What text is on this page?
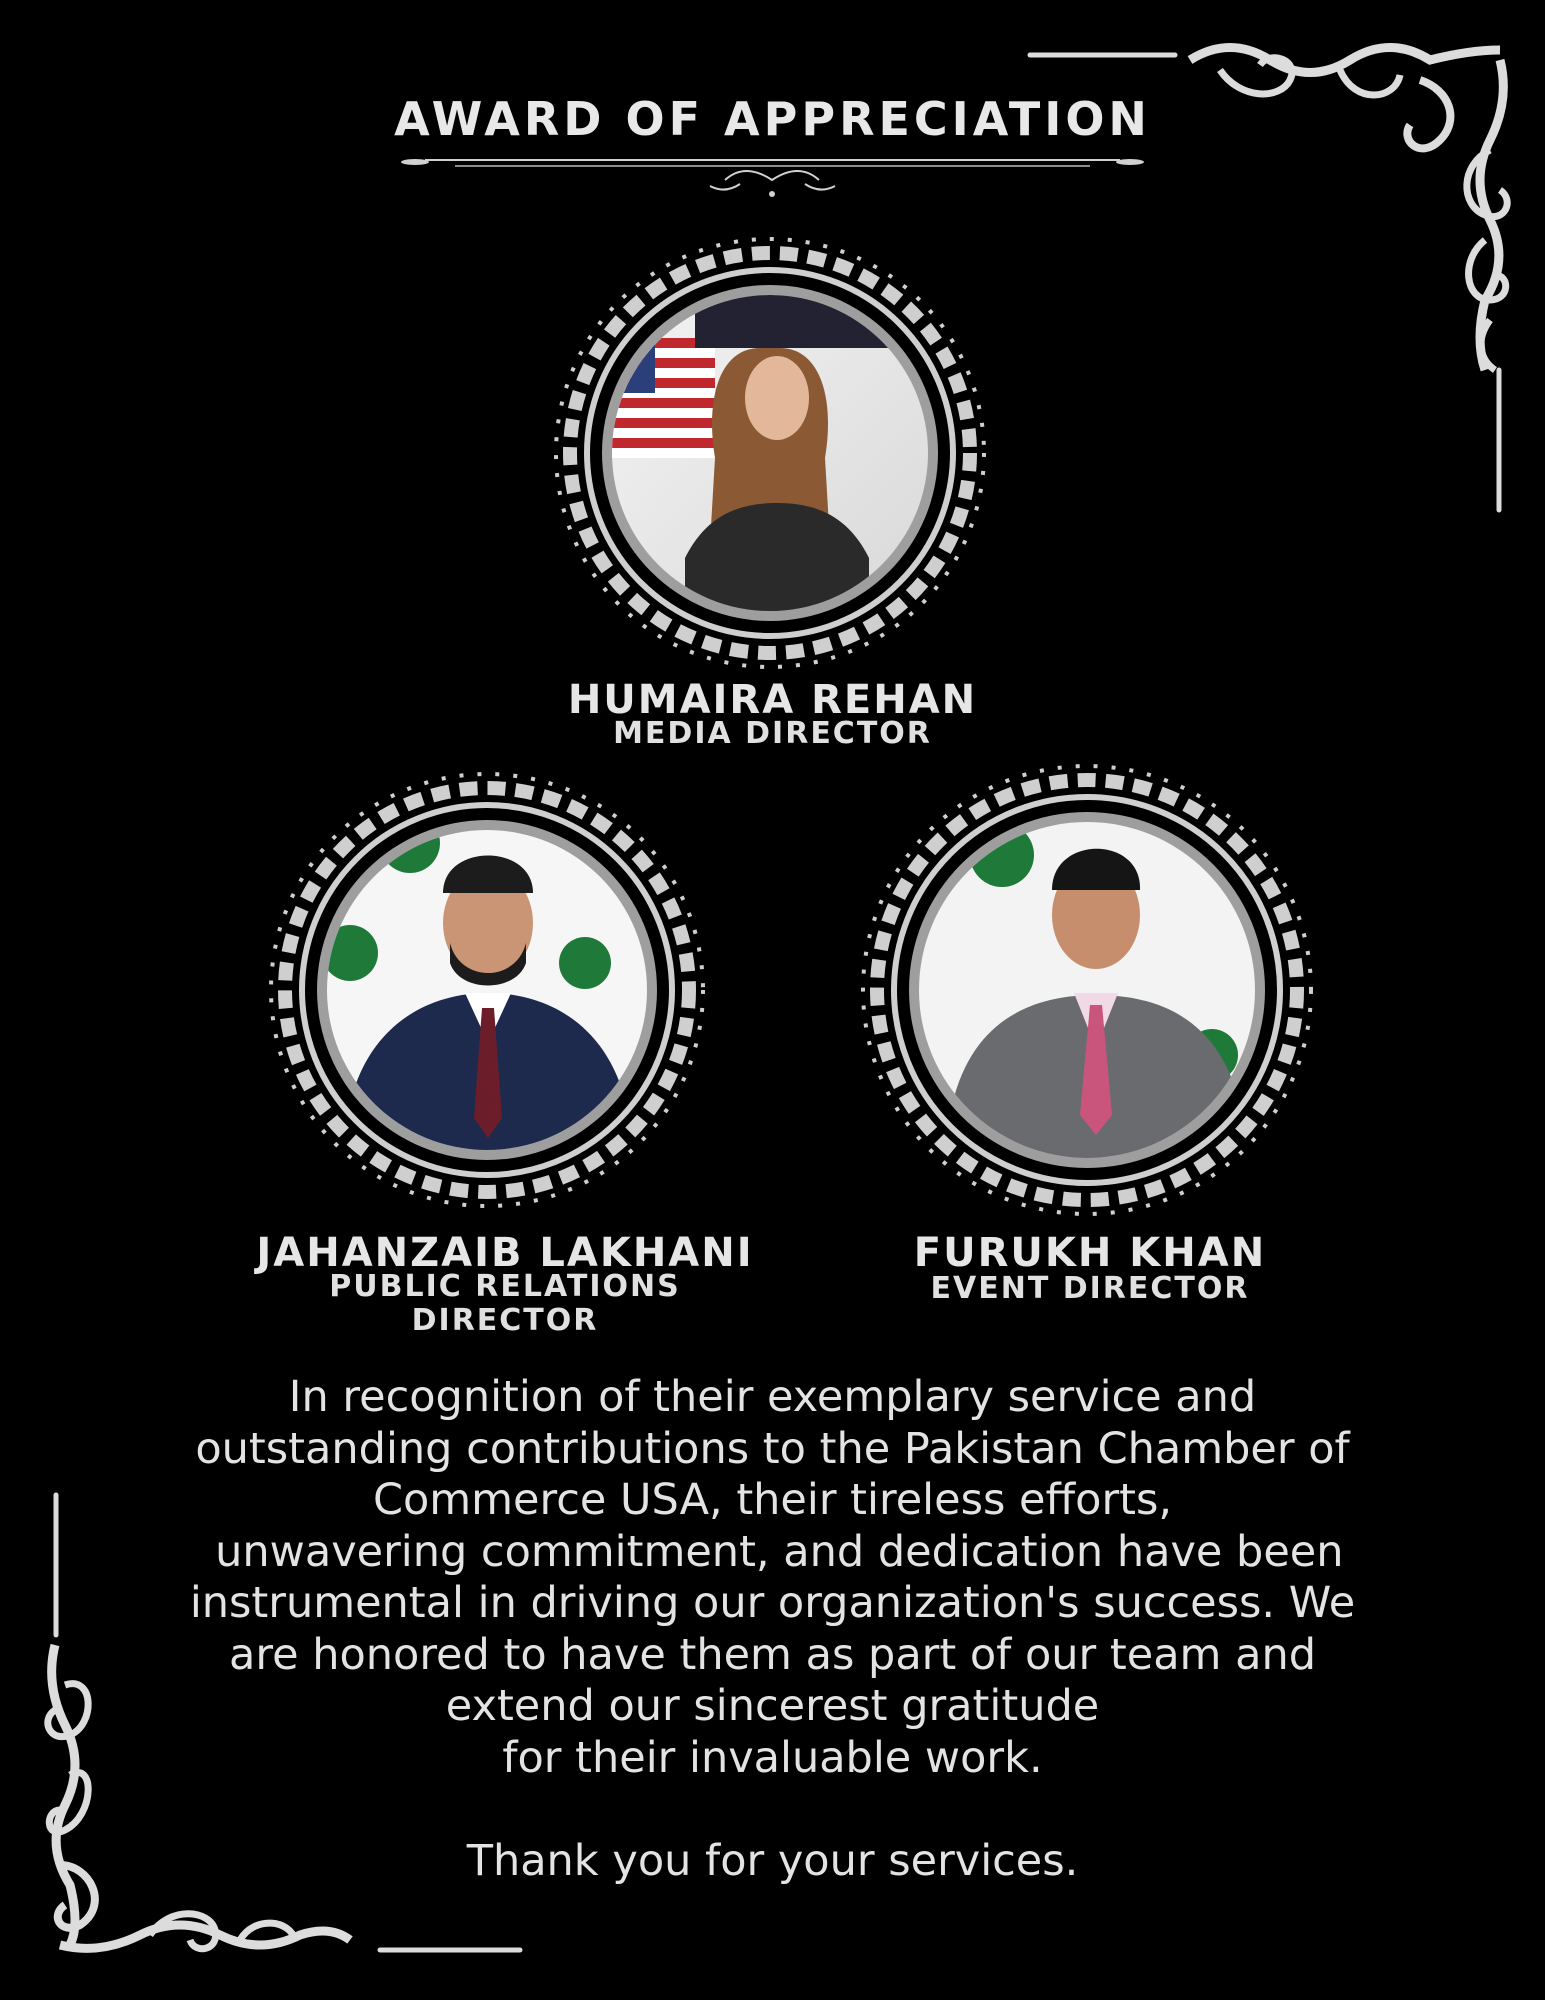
AWARD OF APPRECIATION
HUMAIRA REHAN
MEDIA DIRECTOR
JAHANZAIB LAKHANI
PUBLIC RELATIONS
DIRECTOR
FURUKH KHAN
EVENT DIRECTOR
In recognition of their exemplary service and
outstanding contributions to the Pakistan Chamber of
Commerce USA, their tireless efforts,
unwavering commitment, and dedication have been
instrumental in driving our organization's success. We
are honored to have them as part of our team and
extend our sincerest gratitude
for their invaluable work.
Thank you for your services.
